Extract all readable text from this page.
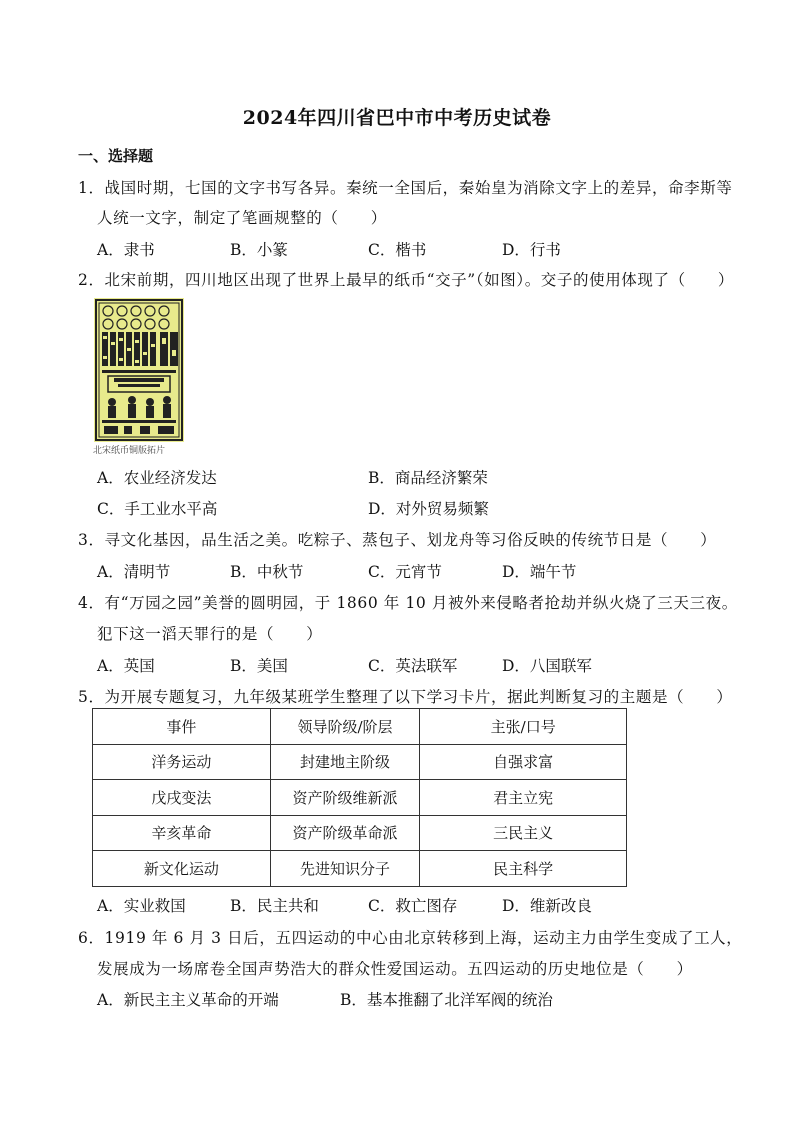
2024年四川省巴中市中考历史试卷
一、选择题
1．战国时期，七国的文字书写各异。秦统一全国后，秦始皇为消除文字上的差异，命李斯等
人统一文字，制定了笔画规整的（　　）
A．隶书	B．小篆	C．楷书	D．行书
2．北宋前期，四川地区出现了世界上最早的纸币“交子”（如图）。交子的使用体现了（　　）
北宋纸币铜版拓片
A．农业经济发达	B．商品经济繁荣
C．手工业水平高	D．对外贸易频繁
3．寻文化基因，品生活之美。吃粽子、蒸包子、划龙舟等习俗反映的传统节日是（　　）
A．清明节	B．中秋节	C．元宵节	D．端午节
4．有“万园之园”美誉的圆明园，于 1860 年 10 月被外来侵略者抢劫并纵火烧了三天三夜。
犯下这一滔天罪行的是（　　）
A．英国	B．美国	C．英法联军	D．八国联军
5．为开展专题复习，九年级某班学生整理了以下学习卡片，据此判断复习的主题是（　　）
事件	领导阶级/阶层	主张/口号
洋务运动	封建地主阶级	自强求富
戊戌变法	资产阶级维新派	君主立宪
辛亥革命	资产阶级革命派	三民主义
新文化运动	先进知识分子	民主科学
A．实业救国	B．民主共和	C．救亡图存	D．维新改良
6．1919 年 6 月 3 日后，五四运动的中心由北京转移到上海，运动主力由学生变成了工人，
发展成为一场席卷全国声势浩大的群众性爱国运动。五四运动的历史地位是（　　）
A．新民主主义革命的开端	B．基本推翻了北洋军阀的统治
